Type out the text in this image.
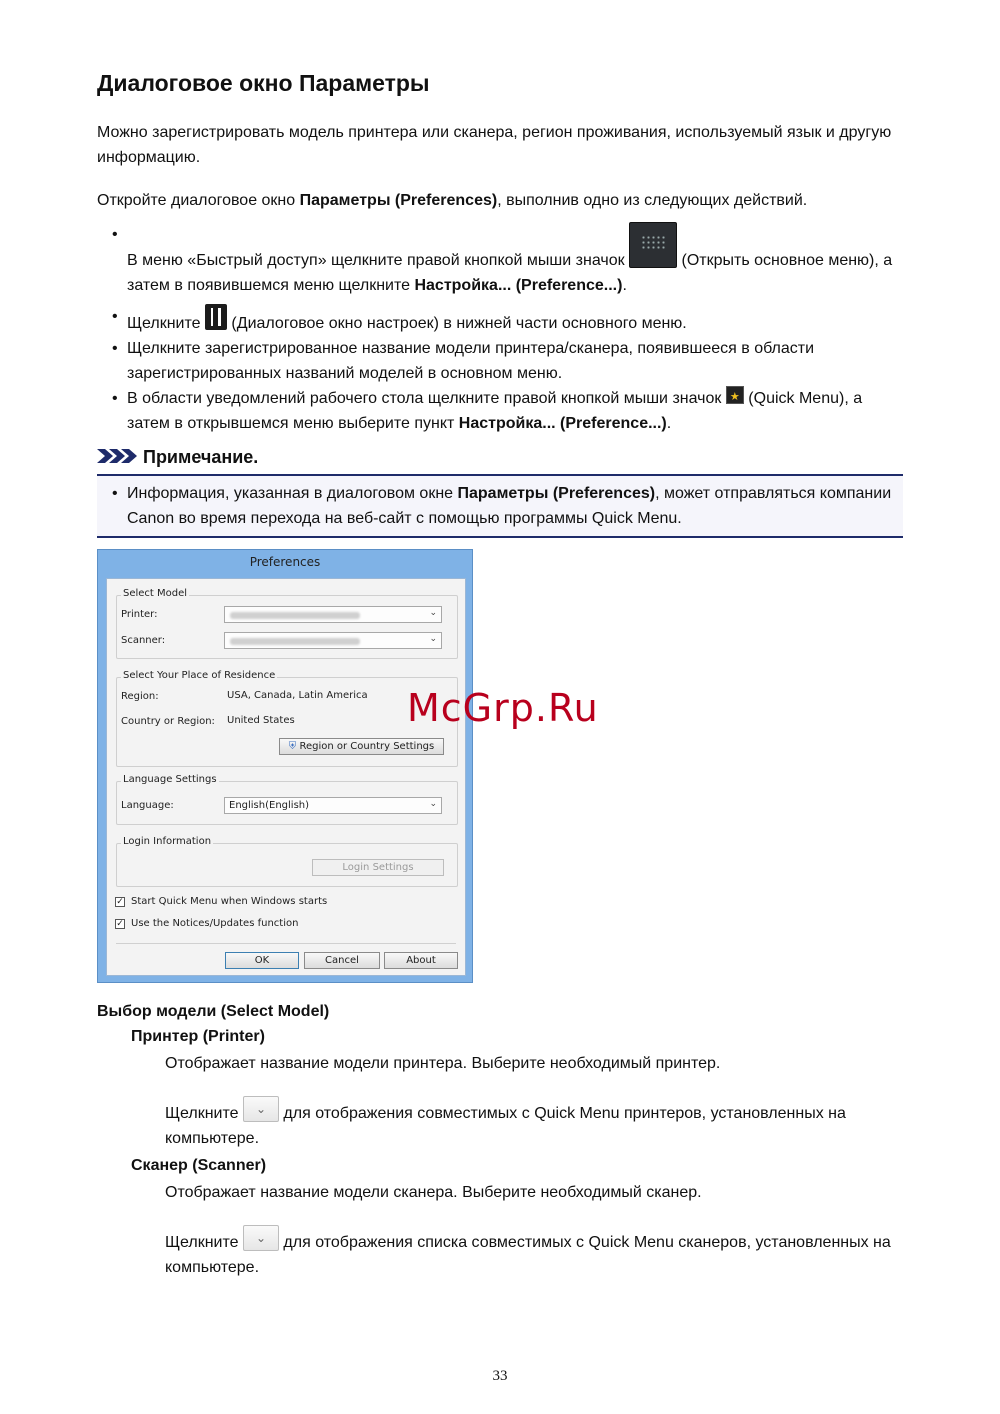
Диалоговое окно Параметры

Можно зарегистрировать модель принтера или сканера, регион проживания, используемый язык и другую информацию.

Откройте диалоговое окно Параметры (Preferences), выполнив одно из следующих действий.

• В меню «Быстрый доступ» щелкните правой кнопкой мыши значок	(Открыть основное меню), а затем в появившемся меню щелкните Настройка... (Preference...).

• Щелкните  (Диалоговое окно настроек) в нижней части основного меню.

• Щелкните зарегистрированное название модели принтера/сканера, появившееся в области зарегистрированных названий моделей в основном меню.

• В области уведомлений рабочего стола щелкните правой кнопкой мыши значок ★ (Quick Menu), а затем в открывшемся меню выберите пункт Настройка... (Preference...).

Примечание.

• Информация, указанная в диалоговом окне Параметры (Preferences), может отправляться компании Canon во время перехода на веб-сайт с помощью программы Quick Menu.

Preferences
Select Model
Printer:	⌄
Scanner:	⌄
Select Your Place of Residence
Region:	USA, Canada, Latin America
Country or Region: United States
⛨ Region or Country Settings
Language Settings
Language:	English(English)	⌄
Login Information
Login Settings
✓ Start Quick Menu when Windows starts
✓ Use the Notices/Updates function
OK	Cancel	About
McGrp.Ru

Выбор модели (Select Model)

Принтер (Printer)

Отображает название модели принтера. Выберите необходимый принтер.

Щелкните ⌄ для отображения совместимых с Quick Menu принтеров, установленных на компьютере.

Сканер (Scanner)

Отображает название модели сканера. Выберите необходимый сканер.

Щелкните ⌄ для отображения списка совместимых с Quick Menu сканеров, установленных на компьютере.

33
